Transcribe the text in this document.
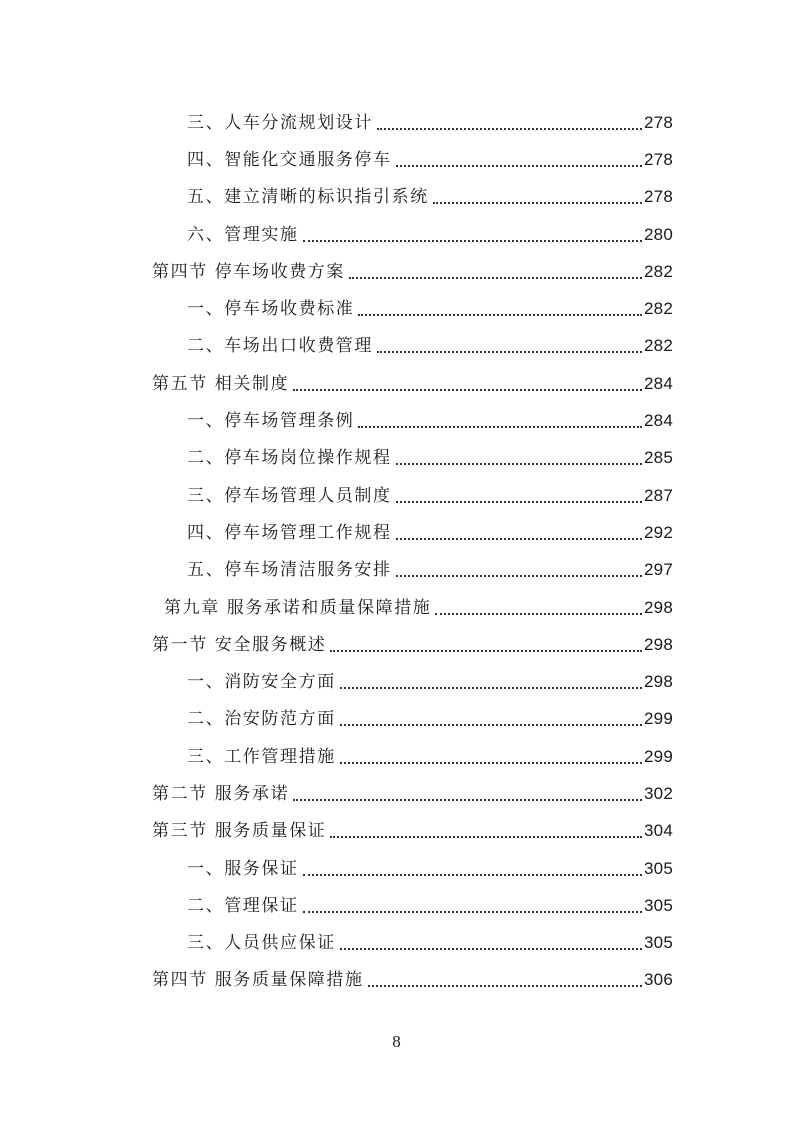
三、人车分流规划设计	278
四、智能化交通服务停车	278
五、建立清晰的标识指引系统	278
六、管理实施	280
第四节 停车场收费方案	282
一、停车场收费标准	282
二、车场出口收费管理	282
第五节 相关制度	284
一、停车场管理条例	284
二、停车场岗位操作规程	285
三、停车场管理人员制度	287
四、停车场管理工作规程	292
五、停车场清洁服务安排	297
第九章 服务承诺和质量保障措施	298
第一节 安全服务概述	298
一、消防安全方面	298
二、治安防范方面	299
三、工作管理措施	299
第二节 服务承诺	302
第三节 服务质量保证	304
一、服务保证	305
二、管理保证	305
三、人员供应保证	305
第四节 服务质量保障措施	306
8
